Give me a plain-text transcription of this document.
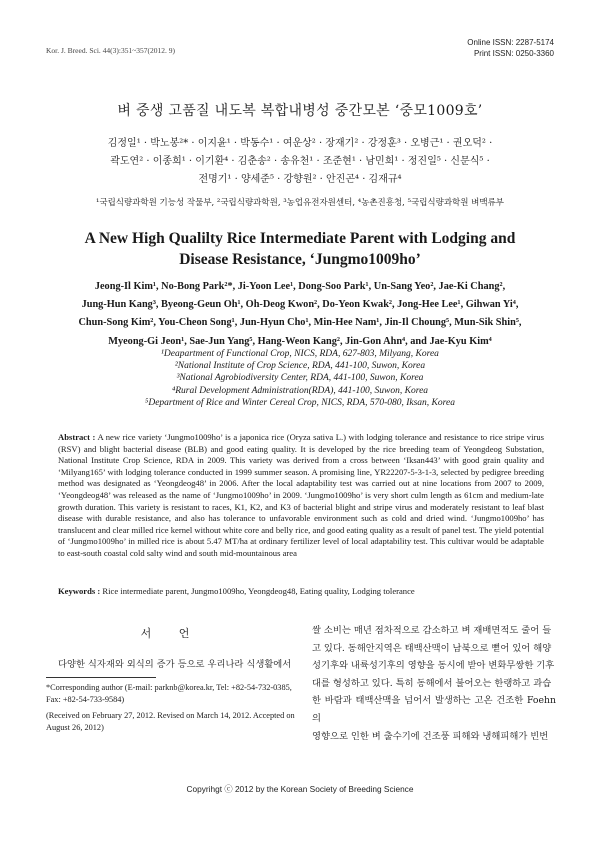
Kor. J. Breed. Sci. 44(3):351~357(2012. 9)
Online ISSN: 2287-5174
Print ISSN: 0250-3360
벼 중생 고품질 내도복 복합내병성 중간모본 ‘중모1009호’
김정일¹ · 박노봉²* · 이지윤¹ · 박동수¹ · 여운상² · 장재기² · 강정훈³ · 오병근¹ · 권오덕² ·
곽도연² · 이종희¹ · 이기환⁴ · 김춘송² · 송유천¹ · 조준현¹ · 남민희¹ · 정진일⁵ · 신문식⁵ ·
전명기¹ · 양세준⁵ · 강향원² · 안진곤⁴ · 김재규⁴
¹국립식량과학원 기능성 작물부, ²국립식량과학원, ³농업유전자원센터, ⁴농촌진흥청, ⁵국립식량과학원 벼맥류부
A New High Qualilty Rice Intermediate Parent with Lodging and
Disease Resistance, ‘Jungmo1009ho’
Jeong-Il Kim¹, No-Bong Park²*, Ji-Yoon Lee¹, Dong-Soo Park¹, Un-Sang Yeo², Jae-Ki Chang²,
Jung-Hun Kang³, Byeong-Geun Oh¹, Oh-Deog Kwon², Do-Yeon Kwak², Jong-Hee Lee¹, Gihwan Yi⁴,
Chun-Song Kim², You-Cheon Song¹, Jun-Hyun Cho¹, Min-Hee Nam¹, Jin-Il Choung⁵, Mun-Sik Shin⁵,
Myeong-Gi Jeon¹, Sae-Jun Yang⁵, Hang-Weon Kang², Jin-Gon Ahn⁴, and Jae-Kyu Kim⁴
¹Deapartment of Functional Crop, NICS, RDA, 627-803, Milyang, Korea
²National Institute of Crop Science, RDA, 441-100, Suwon, Korea
³National Agrobiodiversity Center, RDA, 441-100, Suwon, Korea
⁴Rural Development Administration(RDA), 441-100, Suwon, Korea
⁵Department of Rice and Winter Cereal Crop, NICS, RDA, 570-080, Iksan, Korea
Abstract : A new rice variety ‘Jungmo1009ho’ is a japonica rice (Oryza sativa L.) with lodging tolerance and resistance to rice stripe virus (RSV) and blight bacterial disease (BLB) and good eating quality. It is developed by the rice breeding team of Yeongdeog Substation, National Institute Crop Science, RDA in 2009. This variety was derived from a cross between ‘Iksan443’ with good grain quality and ‘Milyang165’ with lodging tolerance conducted in 1999 summer season. A promising line, YR22207-5-3-1-3, selected by pedigree breeding method was designated as ‘Yeongdeog48’ in 2006. After the local adaptability test was carried out at nine locations from 2007 to 2009, ‘Yeongdeog48’ was released as the name of ‘Jungmo1009ho’ in 2009. ‘Jungmo1009ho’ is very short culm length as 61cm and medium-late growth duration. This variety is resistant to races, K1, K2, and K3 of bacterial blight and stripe virus and moderately resistant to leaf blast disease with durable resistance, and also has tolerance to unfavorable environment such as cold and dried wind. ‘Jungmo1009ho’ has translucent and clear milled rice kernel without white core and belly rice, and good eating quality as a result of panel test. The yield potential of ‘Jungmo1009ho’ in milled rice is about 5.47 MT/ha at ordinary fertilizer level of local adaptability test. This cultivar would be adaptable to east-south coastal cold salty wind and south mid-mountainous area
Keywords : Rice intermediate parent, Jungmo1009ho, Yeongdeog48, Eating quality, Lodging tolerance
서 언
다양한 식자재와 외식의 증가 등으로 우리나라 식생활에서
*Corresponding author (E-mail: parknb@korea.kr, Tel: +82-54-732-0385, Fax: +82-54-733-9584)
(Received on February 27, 2012. Revised on March 14, 2012. Accepted on August 26, 2012)
쌀 소비는 매년 점차적으로 감소하고 벼 재배면적도 줄어 들
고 있다. 동해안지역은 태백산맥이 남북으로 뻗어 있어 해양
성기후와 내륙성기후의 영향을 동시에 받아 변화무쌍한 기후
대를 형성하고 있다. 특히 동해에서 불어오는 한랭하고 과습
한 바람과 태백산맥을 넘어서 발생하는 고온 건조한 Foehn의
영향으로 인한 벼 출수기에 건조풍 피해와 냉해피해가 빈번
Copyrihgt ⓒ 2012 by the Korean Society of Breeding Science
